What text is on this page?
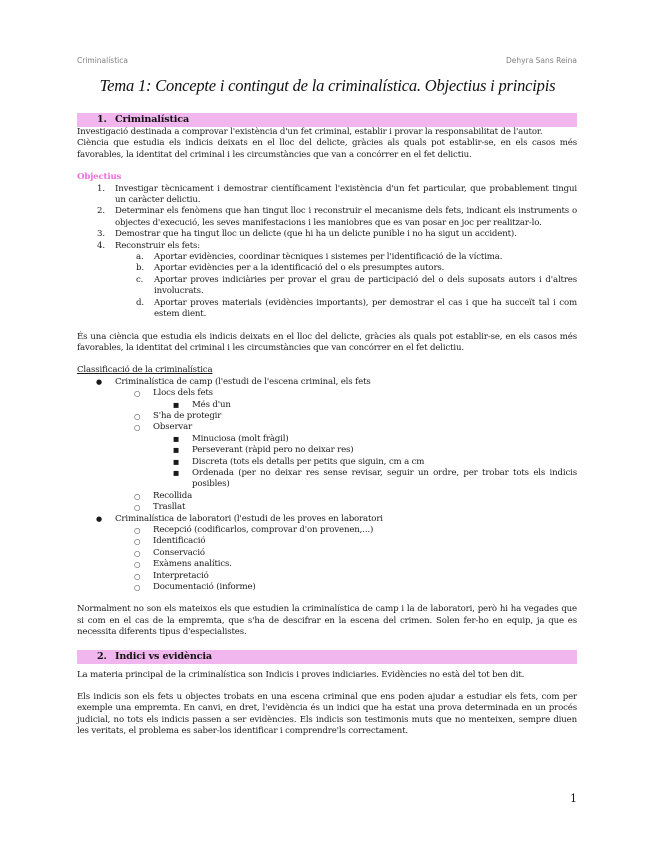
Criminalística	Dehyra Sans Reina
Tema 1: Concepte i contingut de la criminalística. Objectius i principis
1. Criminalística

Investigació destinada a comprovar l'existència d'un fet criminal, establir i provar la responsabilitat de l'autor.

Ciència que estudia els indicis deixats en el lloc del delicte, gràcies als quals pot establir-se, en els casos més favorables, la identitat del criminal i les circumstàncies que van a concórrer en el fet delictiu.

Objectius
1. Investigar tècnicament i demostrar científicament l'existència d'un fet particular, que probablement tingui un caràcter delictiu.
2. Determinar els fenòmens que han tingut lloc i reconstruir el mecanisme dels fets, indicant els instruments o objectes d'execució, les seves manifestacions i les maniobres que es van posar en joc per realitzar-lo.
3. Demostrar que ha tingut lloc un delicte (que hi ha un delicte punible i no ha sigut un accident).
4. Reconstruir els fets:
a. Aportar evidències, coordinar tècniques i sistemes per l'identificació de la víctima.
b. Aportar evidències per a la identificació del o els presumptes autors.
c. Aportar proves indiciàries per provar el grau de participació del o dels suposats autors i d'altres involucrats.
d. Aportar proves materials (evidències importants), per demostrar el cas i que ha succeït tal i com estem dient.

És una ciència que estudia els indicis deixats en el lloc del delicte, gràcies als quals pot establir-se, en els casos més favorables, la identitat del criminal i les circumstàncies que van concórrer en el fet delictiu.

Classificació de la criminalística
● Criminalística de camp (l'estudi de l'escena criminal, els fets
○ Llocs dels fets
■ Més d'un
○ S'ha de protegir
○ Observar
■ Minuciosa (molt fràgil)
■ Perseverant (ràpid pero no deixar res)
■ Discreta (tots els detalls per petits que siguin, cm a cm
■ Ordenada (per no deixar res sense revisar, seguir un ordre, per trobar tots els indicis posibles)
○ Recollida
○ Trasllat
● Criminalística de laboratori (l'estudi de les proves en laboratori
○ Recepció (codificarlos, comprovar d'on provenen,...)
○ Identificació
○ Conservació
○ Exàmens analítics.
○ Interpretació
○ Documentació (informe)

Normalment no son els mateixos els que estudien la criminalística de camp i la de laboratori, però hi ha vegades que si com en el cas de la empremta, que s'ha de descifrar en la escena del crimen. Solen fer-ho en equip, ja que es necessita diferents tipus d'especialistes.

2. Indici vs evidència

La materia principal de la criminalística son Indicis i proves indiciaries. Evidències no està del tot ben dit.

Els indicis son els fets u objectes trobats en una escena criminal que ens poden ajudar a estudiar els fets, com per exemple una empremta. En canvi, en dret, l'evidència és un indici que ha estat una prova determinada en un procés judicial, no tots els indicis passen a ser evidències. Els indicis son testimonis muts que no menteixen, sempre diuen les veritats, el problema es saber-los identificar i comprendre'ls correctament.

1
